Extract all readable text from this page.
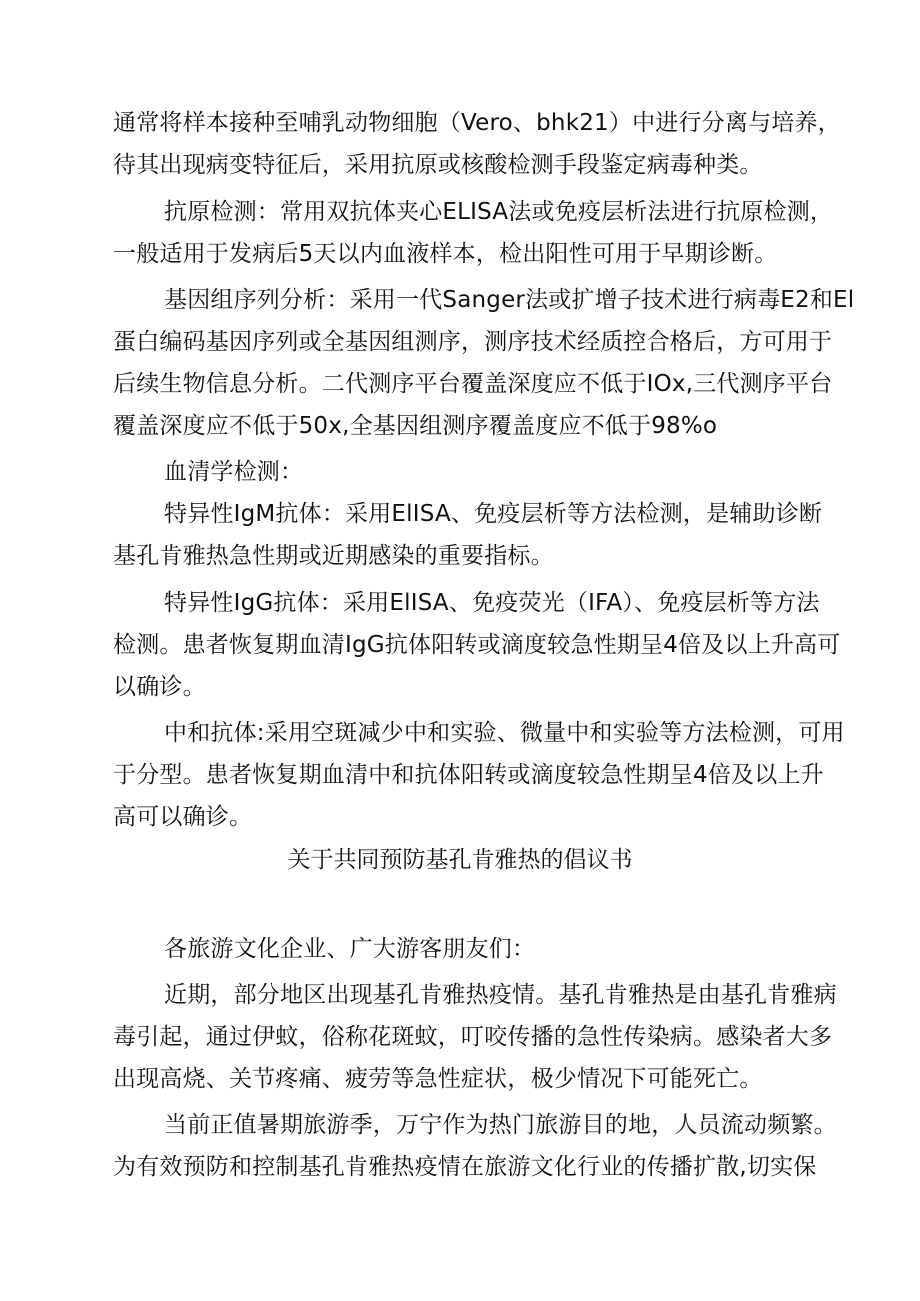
通常将样本接种至哺乳动物细胞（Vero、bhk21）中进行分离与培养，
待其出现病变特征后，采用抗原或核酸检测手段鉴定病毒种类。
抗原检测：常用双抗体夹心ELISA法或免疫层析法进行抗原检测，
一般适用于发病后5天以内血液样本，检出阳性可用于早期诊断。
基因组序列分析：采用一代Sanger法或扩增子技术进行病毒E2和El
蛋白编码基因序列或全基因组测序，测序技术经质控合格后，方可用于
后续生物信息分析。二代测序平台覆盖深度应不低于IOx,三代测序平台
覆盖深度应不低于50x,全基因组测序覆盖度应不低于98%o
血清学检测：
特异性IgM抗体：采用ElISA、免疫层析等方法检测，是辅助诊断
基孔肯雅热急性期或近期感染的重要指标。
特异性IgG抗体：采用ElISA、免疫荧光（IFA）、免疫层析等方法
检测。患者恢复期血清IgG抗体阳转或滴度较急性期呈4倍及以上升高可
以确诊。
中和抗体:采用空斑减少中和实验、微量中和实验等方法检测，可用
于分型。患者恢复期血清中和抗体阳转或滴度较急性期呈4倍及以上升
高可以确诊。
关于共同预防基孔肯雅热的倡议书
各旅游文化企业、广大游客朋友们：
近期，部分地区出现基孔肯雅热疫情。基孔肯雅热是由基孔肯雅病
毒引起，通过伊蚊，俗称花斑蚊，叮咬传播的急性传染病。感染者大多
出现高烧、关节疼痛、疲劳等急性症状，极少情况下可能死亡。
当前正值暑期旅游季，万宁作为热门旅游目的地，人员流动频繁。
为有效预防和控制基孔肯雅热疫情在旅游文化行业的传播扩散,切实保
